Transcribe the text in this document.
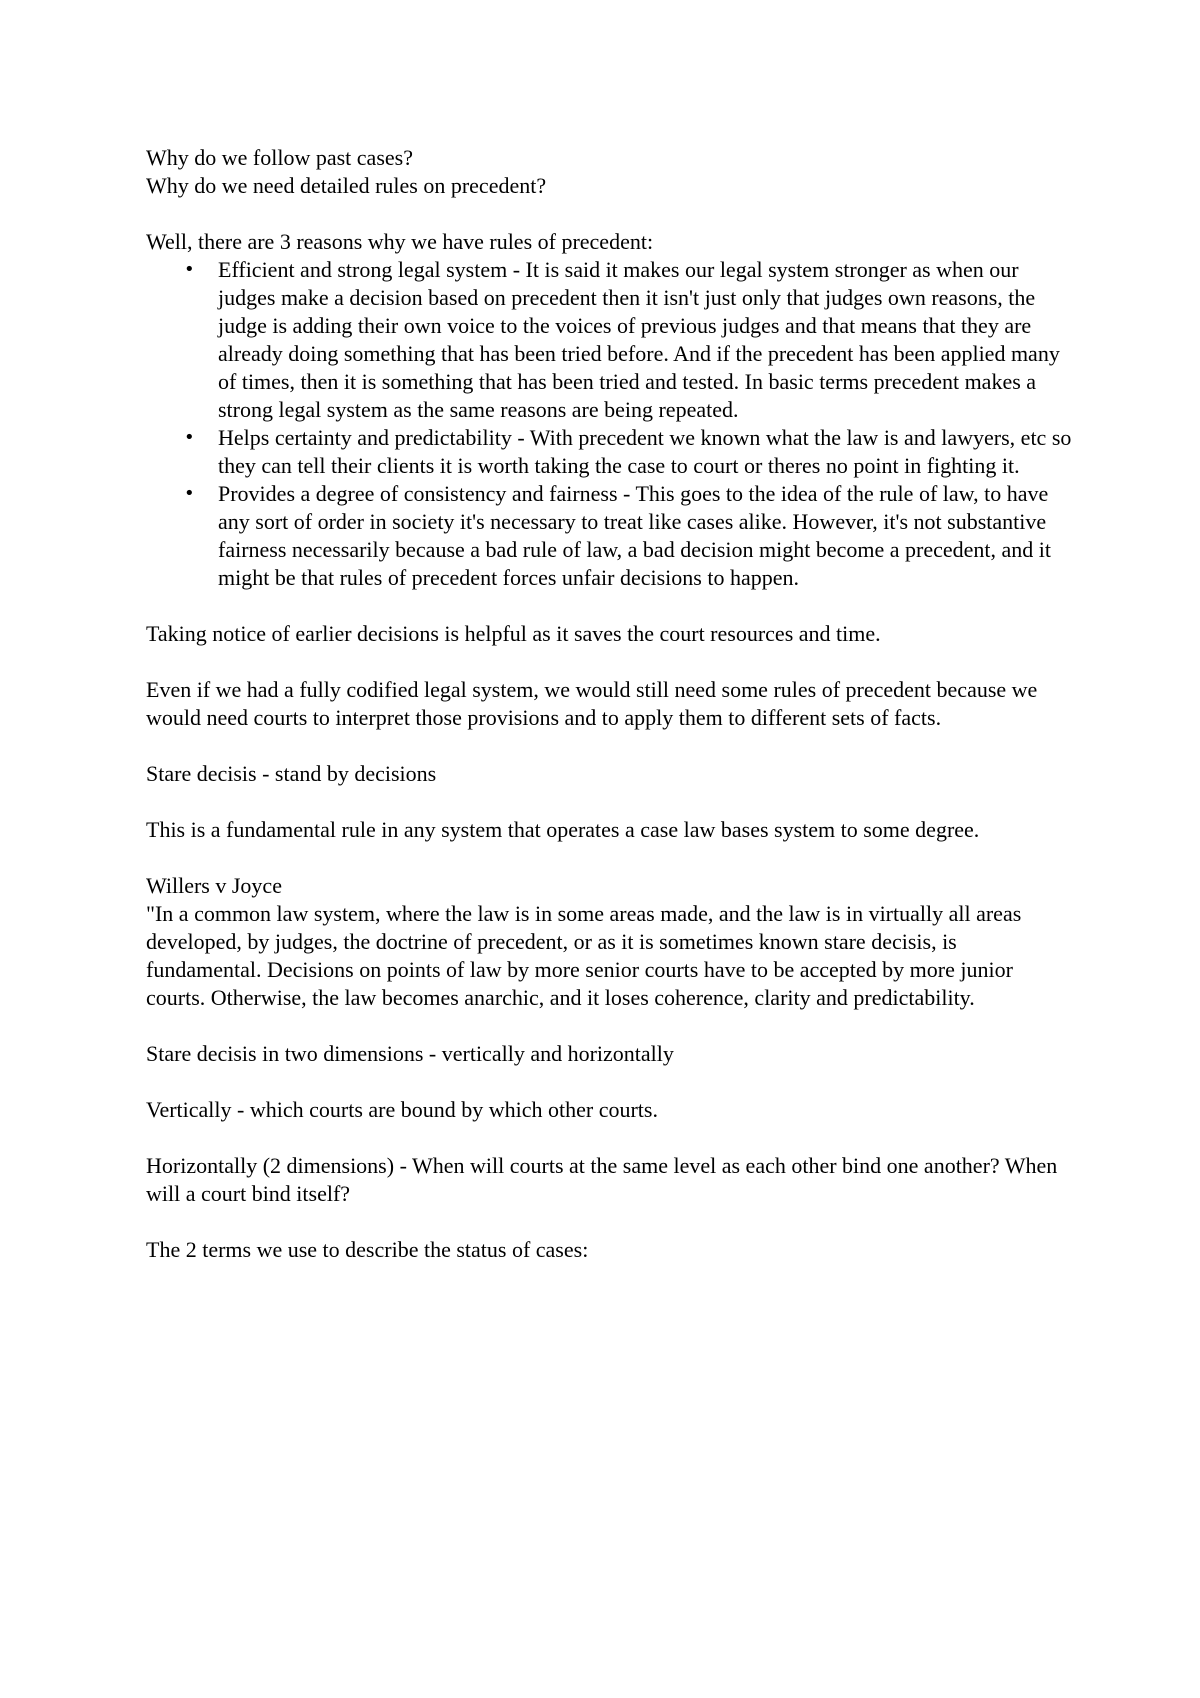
Why do we follow past cases?

Why do we need detailed rules on precedent?

Well, there are 3 reasons why we have rules of precedent:

•	Efficient and strong legal system - It is said it makes our legal system stronger as when our judges make a decision based on precedent then it isn't just only that judges own reasons, the judge is adding their own voice to the voices of previous judges and that means that they are already doing something that has been tried before. And if the precedent has been applied many of times, then it is something that has been tried and tested. In basic terms precedent makes a strong legal system as the same reasons are being repeated.
•	Helps certainty and predictability - With precedent we known what the law is and lawyers, etc so they can tell their clients it is worth taking the case to court or theres no point in fighting it.
•	Provides a degree of consistency and fairness - This goes to the idea of the rule of law, to have any sort of order in society it's necessary to treat like cases alike. However, it's not substantive fairness necessarily because a bad rule of law, a bad decision might become a precedent, and it might be that rules of precedent forces unfair decisions to happen.

Taking notice of earlier decisions is helpful as it saves the court resources and time.

Even if we had a fully codified legal system, we would still need some rules of precedent because we would need courts to interpret those provisions and to apply them to different sets of facts.

Stare decisis - stand by decisions

This is a fundamental rule in any system that operates a case law bases system to some degree.

Willers v Joyce

"In a common law system, where the law is in some areas made, and the law is in virtually all areas developed, by judges, the doctrine of precedent, or as it is sometimes known stare decisis, is fundamental. Decisions on points of law by more senior courts have to be accepted by more junior courts. Otherwise, the law becomes anarchic, and it loses coherence, clarity and predictability.

Stare decisis in two dimensions - vertically and horizontally

Vertically - which courts are bound by which other courts.

Horizontally (2 dimensions) - When will courts at the same level as each other bind one another? When will a court bind itself?

The 2 terms we use to describe the status of cases:
